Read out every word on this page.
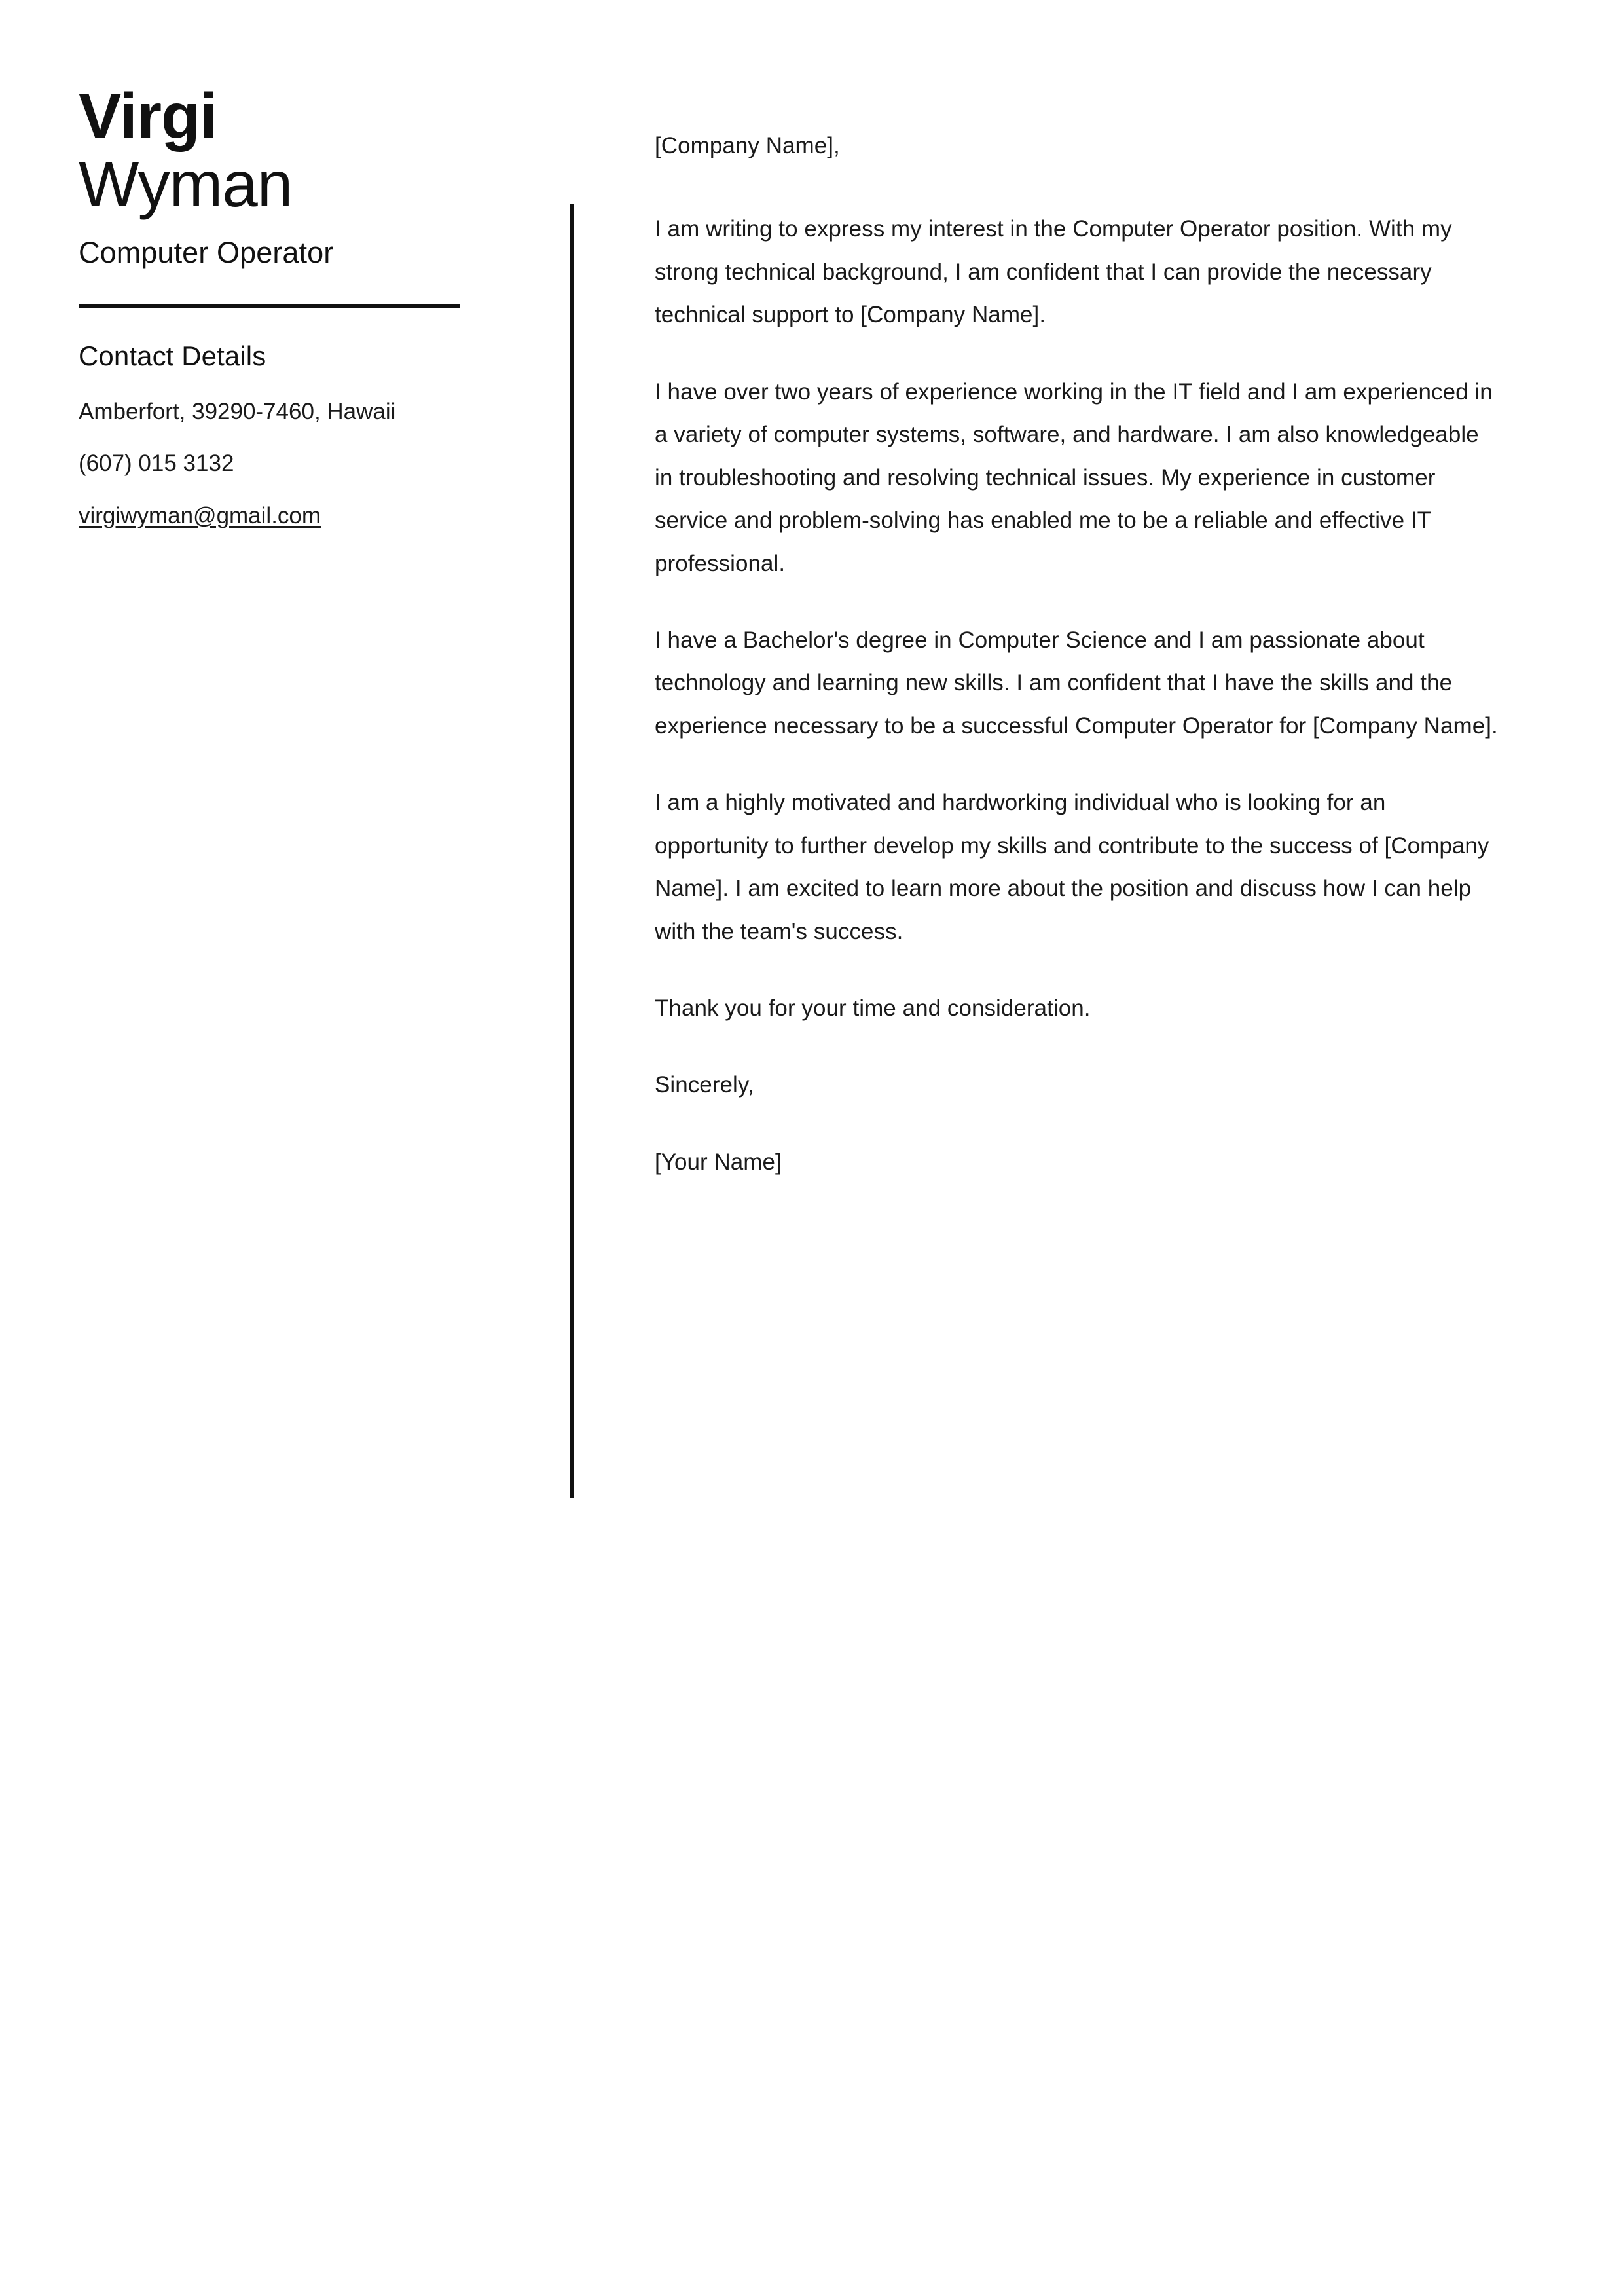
Virgi
Wyman
Computer Operator
Contact Details
Amberfort, 39290-7460, Hawaii
(607) 015 3132
virgiwyman@gmail.com

[Company Name],

I am writing to express my interest in the Computer Operator position. With my strong technical background, I am confident that I can provide the necessary technical support to [Company Name].

I have over two years of experience working in the IT field and I am experienced in a variety of computer systems, software, and hardware. I am also knowledgeable in troubleshooting and resolving technical issues. My experience in customer service and problem-solving has enabled me to be a reliable and effective IT professional.

I have a Bachelor's degree in Computer Science and I am passionate about technology and learning new skills. I am confident that I have the skills and the experience necessary to be a successful Computer Operator for [Company Name].

I am a highly motivated and hardworking individual who is looking for an opportunity to further develop my skills and contribute to the success of [Company Name]. I am excited to learn more about the position and discuss how I can help with the team's success.

Thank you for your time and consideration.

Sincerely,

[Your Name]
